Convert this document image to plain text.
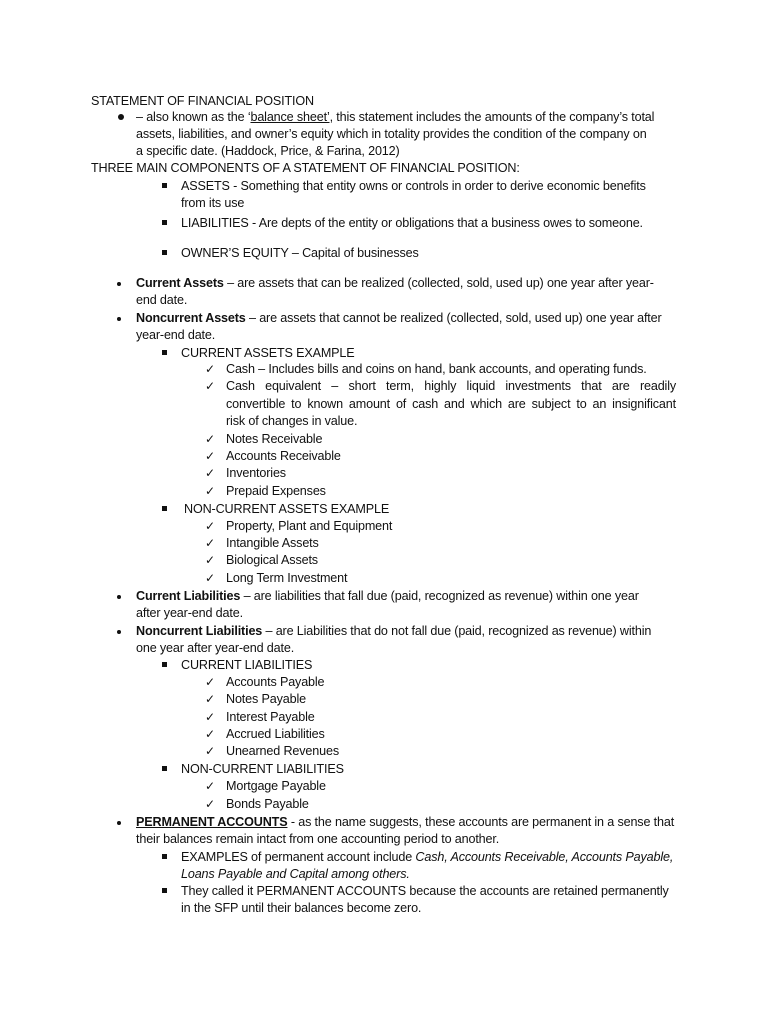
STATEMENT OF FINANCIAL POSITION
– also known as the ‘balance sheet’, this statement includes the amounts of the company’s total
assets, liabilities, and owner’s equity which in totality provides the condition of the company on
a specific date. (Haddock, Price, & Farina, 2012)
THREE MAIN COMPONENTS OF A STATEMENT OF FINANCIAL POSITION:
ASSETS - Something that entity owns or controls in order to derive economic benefits
from its use
LIABILITIES - Are depts of the entity or obligations that a business owes to someone.
OWNER’S EQUITY – Capital of businesses
Current Assets – are assets that can be realized (collected, sold, used up) one year after year-
end date.
Noncurrent Assets – are assets that cannot be realized (collected, sold, used up) one year after
year-end date.
CURRENT ASSETS EXAMPLE
✓ Cash – Includes bills and coins on hand, bank accounts, and operating funds.
✓ Cash equivalent – short term, highly liquid investments that are readily
convertible to known amount of cash and which are subject to an insignificant
risk of changes in value.
✓ Notes Receivable
✓ Accounts Receivable
✓ Inventories
✓ Prepaid Expenses
NON-CURRENT ASSETS EXAMPLE
✓ Property, Plant and Equipment
✓ Intangible Assets
✓ Biological Assets
✓ Long Term Investment
Current Liabilities – are liabilities that fall due (paid, recognized as revenue) within one year
after year-end date.
Noncurrent Liabilities – are Liabilities that do not fall due (paid, recognized as revenue) within
one year after year-end date.
CURRENT LIABILITIES
✓ Accounts Payable
✓ Notes Payable
✓ Interest Payable
✓ Accrued Liabilities
✓ Unearned Revenues
NON-CURRENT LIABILITIES
✓ Mortgage Payable
✓ Bonds Payable
PERMANENT ACCOUNTS - as the name suggests, these accounts are permanent in a sense that
their balances remain intact from one accounting period to another.
EXAMPLES of permanent account include Cash, Accounts Receivable, Accounts Payable,
Loans Payable and Capital among others.
They called it PERMANENT ACCOUNTS because the accounts are retained permanently
in the SFP until their balances become zero.
